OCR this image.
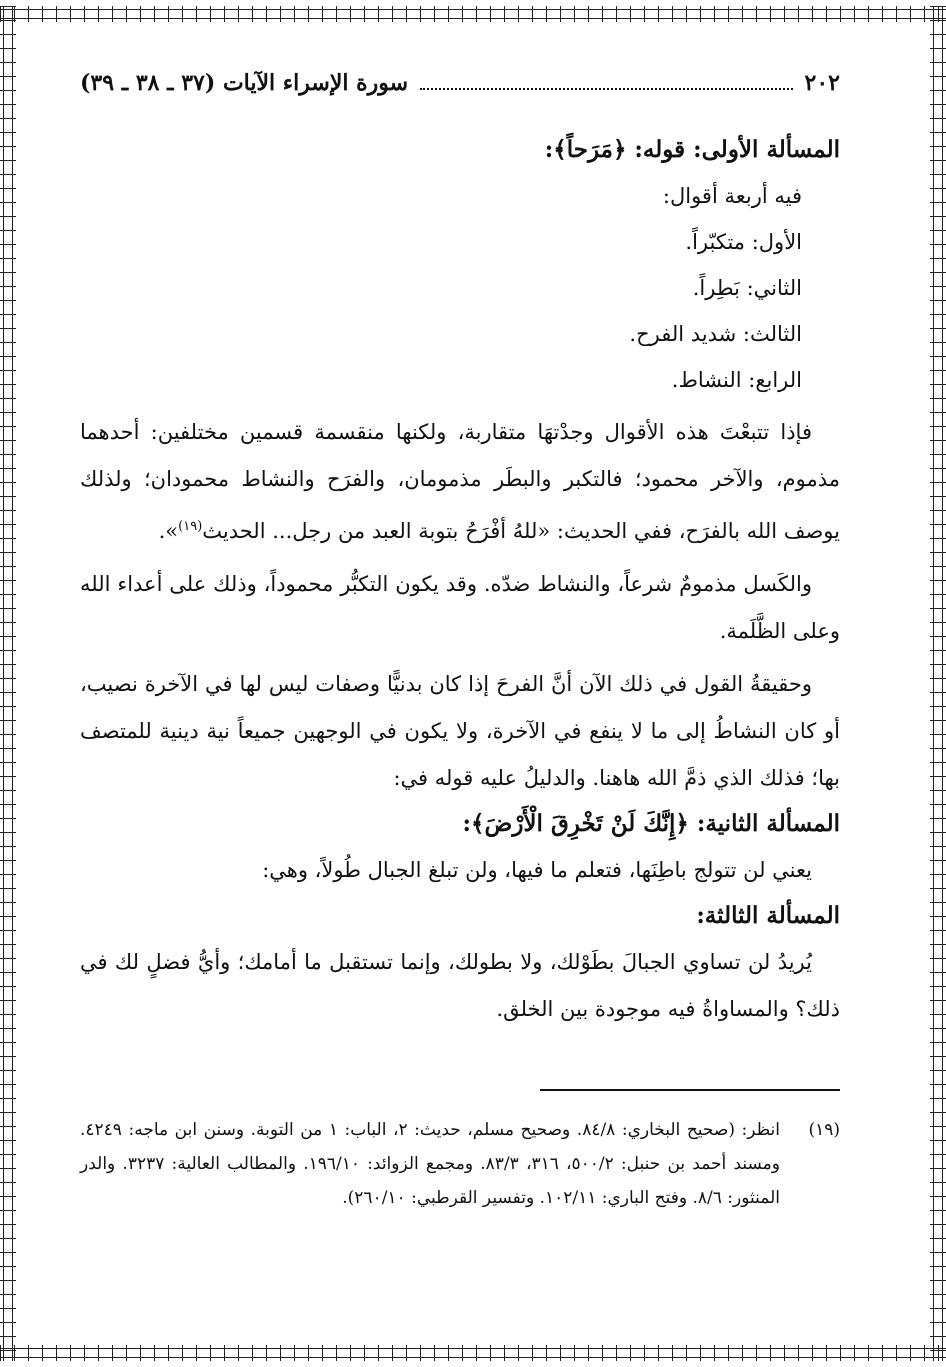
٢٠٢
سورة الإسراء الآيات (٣٧ ـ ٣٨ ـ ٣٩)
المسألة الأولى: قوله: ﴿مَرَحاً﴾:
فيه أربعة أقوال:
الأول: متكبّراً.
الثاني: بَطِراً.
الثالث: شديد الفرح.
الرابع: النشاط.

فإذا تتبعْتَ هذه الأقوال وجدْتهَا متقاربة، ولكنها منقسمة قسمين مختلفين: أحدهما مذموم، والآخر محمود؛ فالتكبر والبطَر مذمومان، والفرَح والنشاط محمودان؛ ولذلك يوصف الله بالفرَح، ففي الحديث: «للهُ أفْرَحُ بتوبة العبد من رجل... الحديث$^{(١٩)}$».

والكَسل مذمومٌ شرعاً، والنشاط ضدّه. وقد يكون التكبُّر محموداً، وذلك على أعداء الله وعلى الظَّلَمة.

وحقيقةُ القول في ذلك الآن أنَّ الفرحَ إذا كان بدنيًّا وصفات ليس لها في الآخرة نصيب، أو كان النشاطُ إلى ما لا ينفع في الآخرة، ولا يكون في الوجهين جميعاً نية دينية للمتصف بها؛ فذلك الذي ذمَّ الله هاهنا. والدليلُ عليه قوله في:

المسألة الثانية: ﴿إِنَّكَ لَنْ تَخْرِقَ الْأَرْضَ﴾:

يعني لن تتولج باطِنَها، فتعلم ما فيها، ولن تبلغ الجبال طُولاً، وهي:

المسألة الثالثة:

يُريدُ لن تساوي الجبالَ بطَوْلك، ولا بطولك، وإنما تستقبل ما أمامك؛ وأيُّ فضلٍ لك في ذلك؟ والمساواةُ فيه موجودة بين الخلق.

(١٩)
انظر: (صحيح البخاري: ٨٤/٨. وصحيح مسلم، حديث: ٢، الباب: ١ من التوبة. وسنن ابن ماجه: ٤٢٤٩. ومسند أحمد بن حنبل: ٥٠٠/٢، ٣١٦، ٨٣/٣. ومجمع الزوائد: ١٩٦/١٠. والمطالب العالية: ٣٢٣٧. والدر المنثور: ٨/٦. وفتح الباري: ١٠٢/١١. وتفسير القرطبي: ٢٦٠/١٠).
